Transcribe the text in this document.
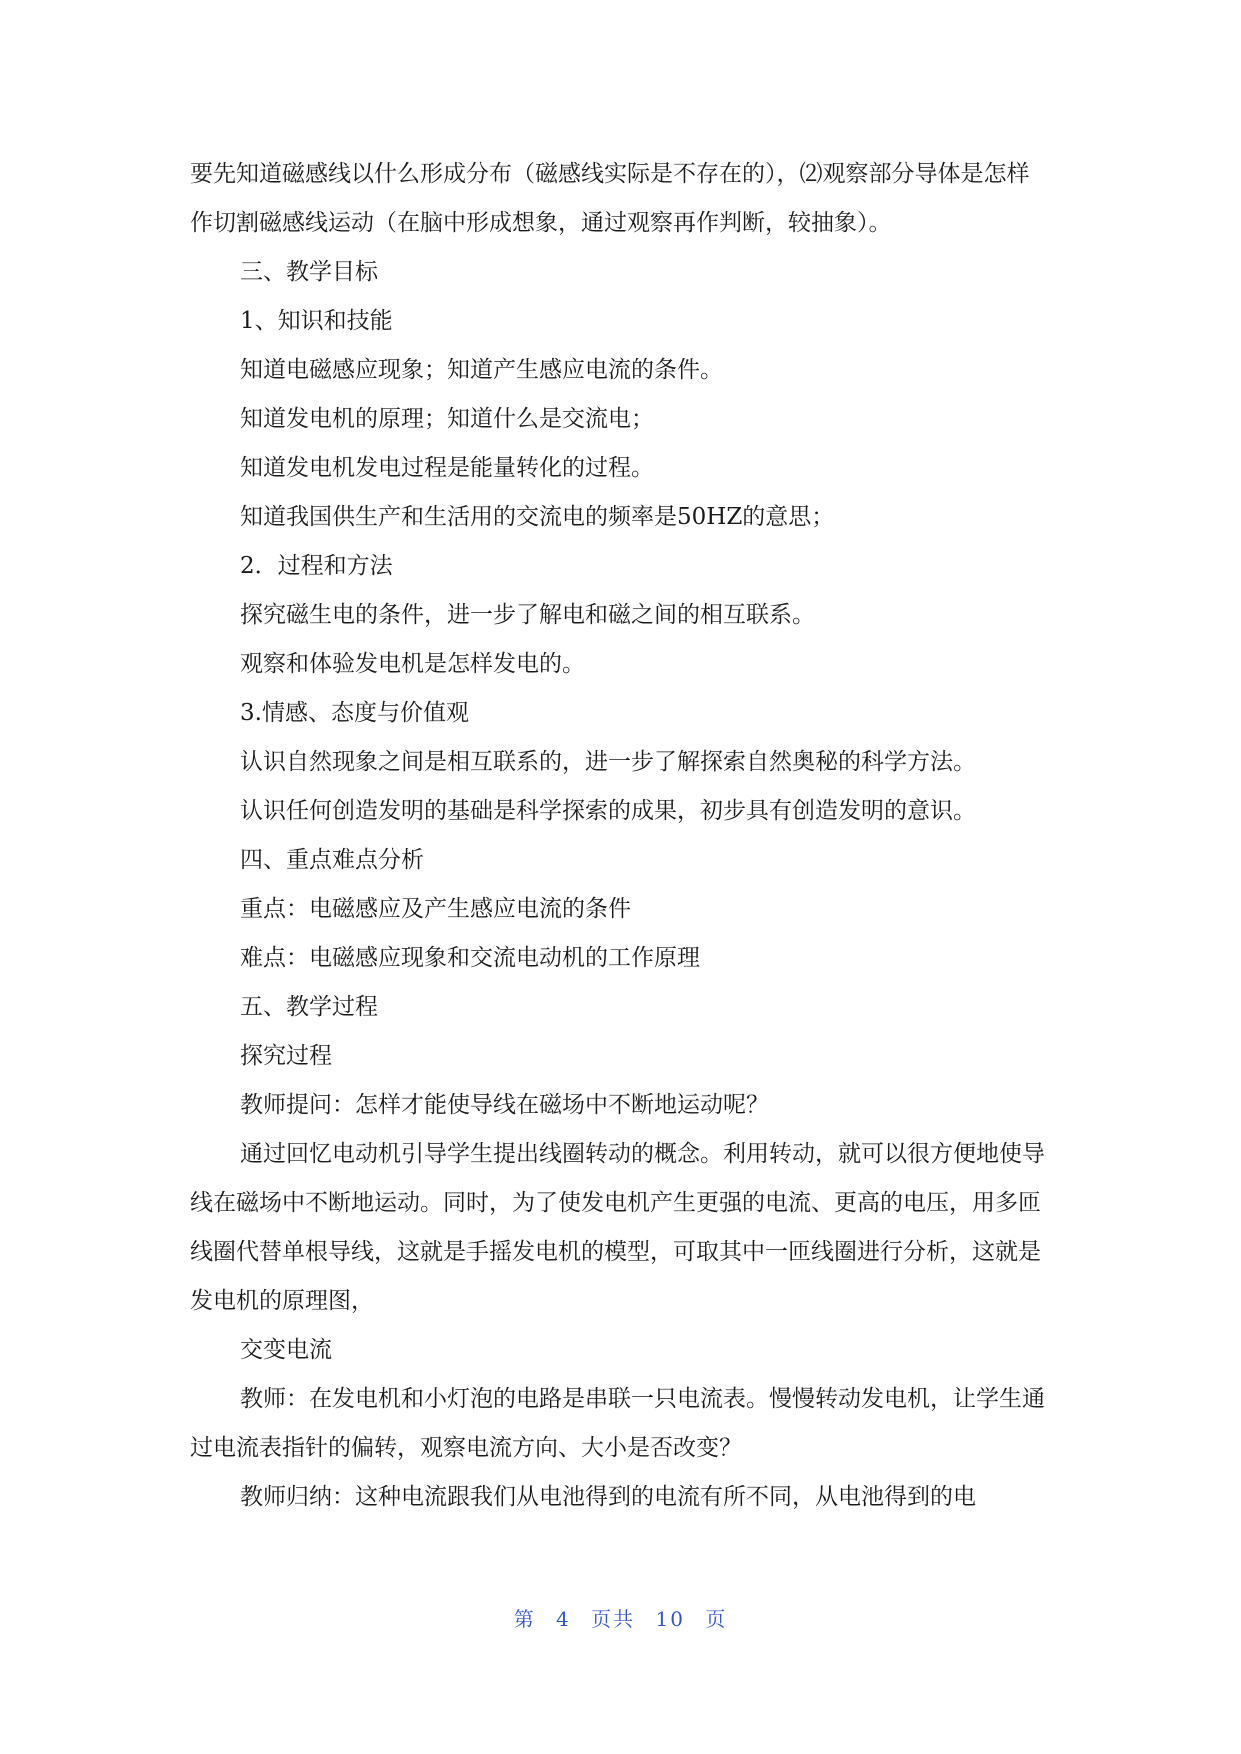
要先知道磁感线以什么形成分布（磁感线实际是不存在的），⑵观察部分导体是怎样作切割磁感线运动（在脑中形成想象，通过观察再作判断，较抽象）。

三、教学目标

1、知识和技能

知道电磁感应现象；知道产生感应电流的条件。

知道发电机的原理；知道什么是交流电；

知道发电机发电过程是能量转化的过程。

知道我国供生产和生活用的交流电的频率是50HZ的意思；

2．过程和方法

探究磁生电的条件，进一步了解电和磁之间的相互联系。

观察和体验发电机是怎样发电的。

3.情感、态度与价值观

认识自然现象之间是相互联系的，进一步了解探索自然奥秘的科学方法。

认识任何创造发明的基础是科学探索的成果，初步具有创造发明的意识。

四、重点难点分析

重点：电磁感应及产生感应电流的条件

难点：电磁感应现象和交流电动机的工作原理

五、教学过程

探究过程

教师提问：怎样才能使导线在磁场中不断地运动呢？

通过回忆电动机引导学生提出线圈转动的概念。利用转动，就可以很方便地使导线在磁场中不断地运动。同时，为了使发电机产生更强的电流、更高的电压，用多匝线圈代替单根导线，这就是手摇发电机的模型，可取其中一匝线圈进行分析，这就是发电机的原理图，

交变电流

教师：在发电机和小灯泡的电路是串联一只电流表。慢慢转动发电机，让学生通过电流表指针的偏转，观察电流方向、大小是否改变？

教师归纳：这种电流跟我们从电池得到的电流有所不同，从电池得到的电

第 4 页共 10 页
